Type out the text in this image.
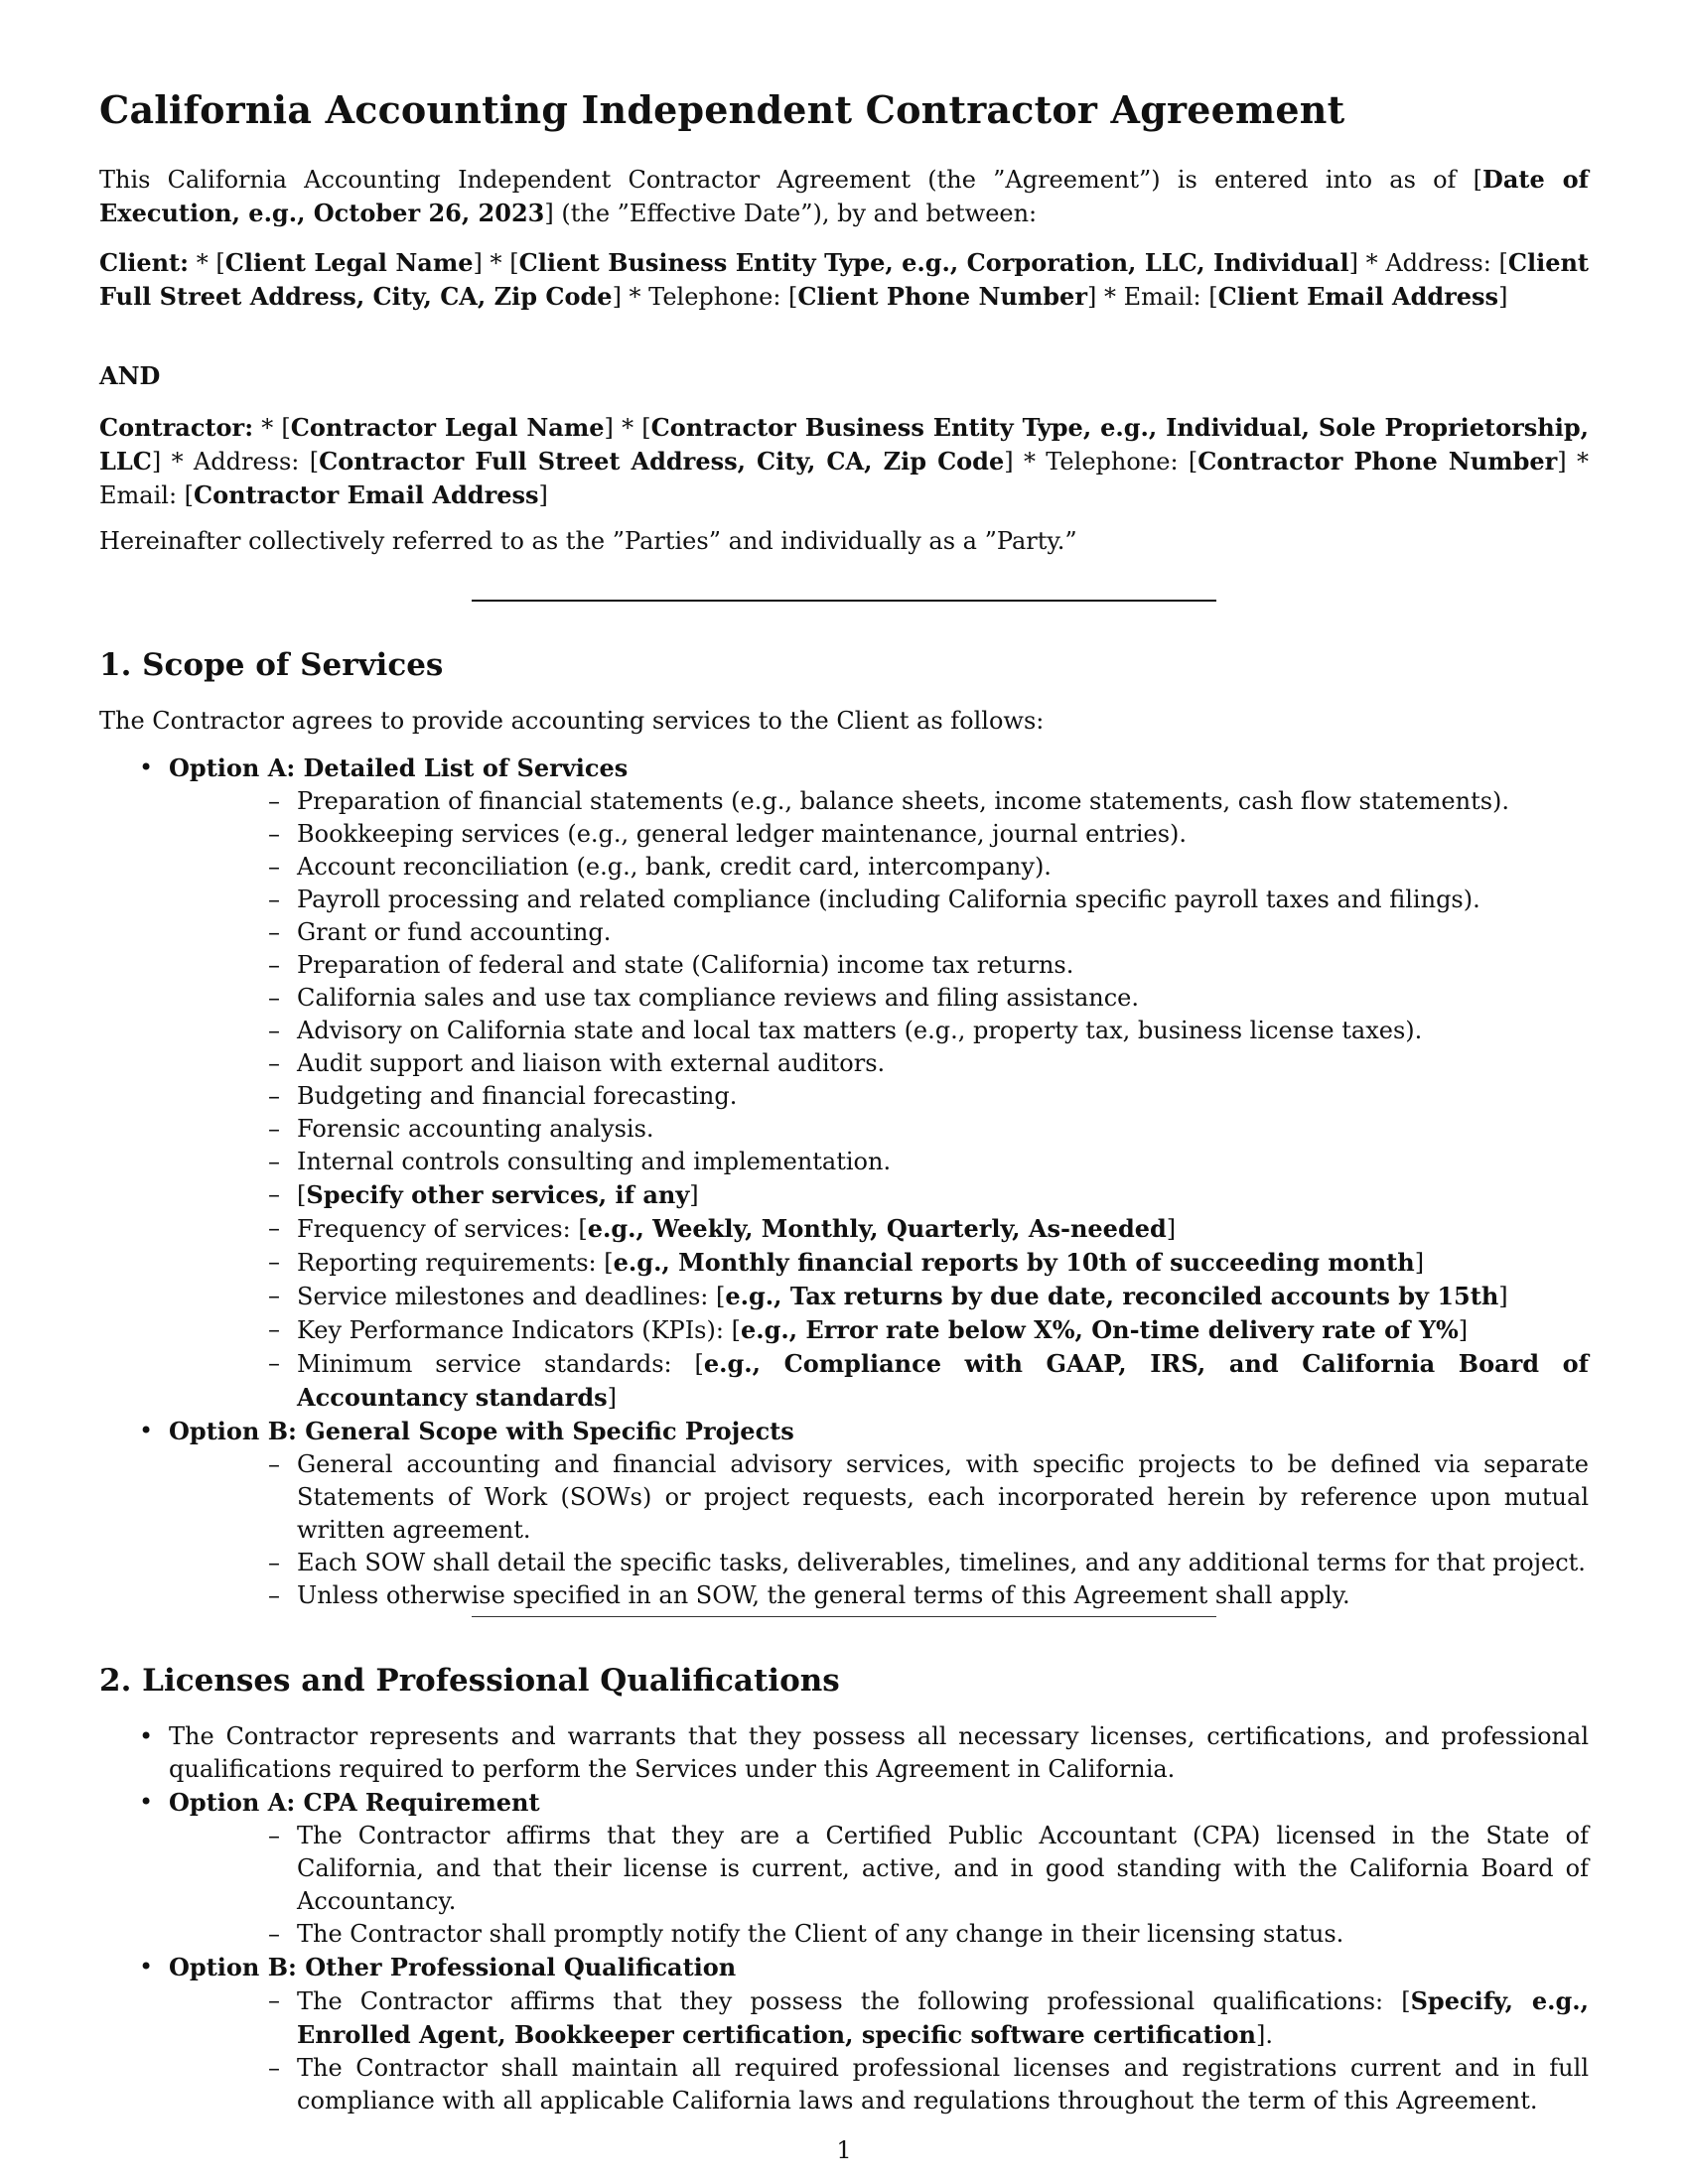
California Accounting Independent Contractor Agreement

This California Accounting Independent Contractor Agreement (the ”Agreement”) is entered into as of [Date of Execution, e.g., October 26, 2023] (the ”Effective Date”), by and between:

Client: * [Client Legal Name] * [Client Business Entity Type, e.g., Corporation, LLC, Individual] * Address: [Client Full Street Address, City, CA, Zip Code] * Telephone: [Client Phone Number] * Email: [Client Email Address]

AND

Contractor: * [Contractor Legal Name] * [Contractor Business Entity Type, e.g., Individual, Sole Proprietorship, LLC] * Address: [Contractor Full Street Address, City, CA, Zip Code] * Telephone: [Contractor Phone Number] * Email: [Contractor Email Address]

Hereinafter collectively referred to as the ”Parties” and individually as a ”Party.”

1. Scope of Services

The Contractor agrees to provide accounting services to the Client as follows:

• Option A: Detailed List of Services
– Preparation of financial statements (e.g., balance sheets, income statements, cash flow statements).
– Bookkeeping services (e.g., general ledger maintenance, journal entries).
– Account reconciliation (e.g., bank, credit card, intercompany).
– Payroll processing and related compliance (including California specific payroll taxes and filings).
– Grant or fund accounting.
– Preparation of federal and state (California) income tax returns.
– California sales and use tax compliance reviews and filing assistance.
– Advisory on California state and local tax matters (e.g., property tax, business license taxes).
– Audit support and liaison with external auditors.
– Budgeting and financial forecasting.
– Forensic accounting analysis.
– Internal controls consulting and implementation.
– [Specify other services, if any]
– Frequency of services: [e.g., Weekly, Monthly, Quarterly, As-needed]
– Reporting requirements: [e.g., Monthly financial reports by 10th of succeeding month]
– Service milestones and deadlines: [e.g., Tax returns by due date, reconciled accounts by 15th]
– Key Performance Indicators (KPIs): [e.g., Error rate below X%, On-time delivery rate of Y%]
– Minimum service standards: [e.g., Compliance with GAAP, IRS, and California Board of Accountancy standards]
• Option B: General Scope with Specific Projects
– General accounting and financial advisory services, with specific projects to be defined via separate Statements of Work (SOWs) or project requests, each incorporated herein by reference upon mutual written agreement.
– Each SOW shall detail the specific tasks, deliverables, timelines, and any additional terms for that project.
– Unless otherwise specified in an SOW, the general terms of this Agreement shall apply.
2. Licenses and Professional Qualifications
• The Contractor represents and warrants that they possess all necessary licenses, certifications, and professional qualifications required to perform the Services under this Agreement in California.
• Option A: CPA Requirement
– The Contractor affirms that they are a Certified Public Accountant (CPA) licensed in the State of California, and that their license is current, active, and in good standing with the California Board of Accountancy.
– The Contractor shall promptly notify the Client of any change in their licensing status.
• Option B: Other Professional Qualification
– The Contractor affirms that they possess the following professional qualifications: [Specify, e.g., Enrolled Agent, Bookkeeper certification, specific software certification].
– The Contractor shall maintain all required professional licenses and registrations current and in full compliance with all applicable California laws and regulations throughout the term of this Agreement.
1
